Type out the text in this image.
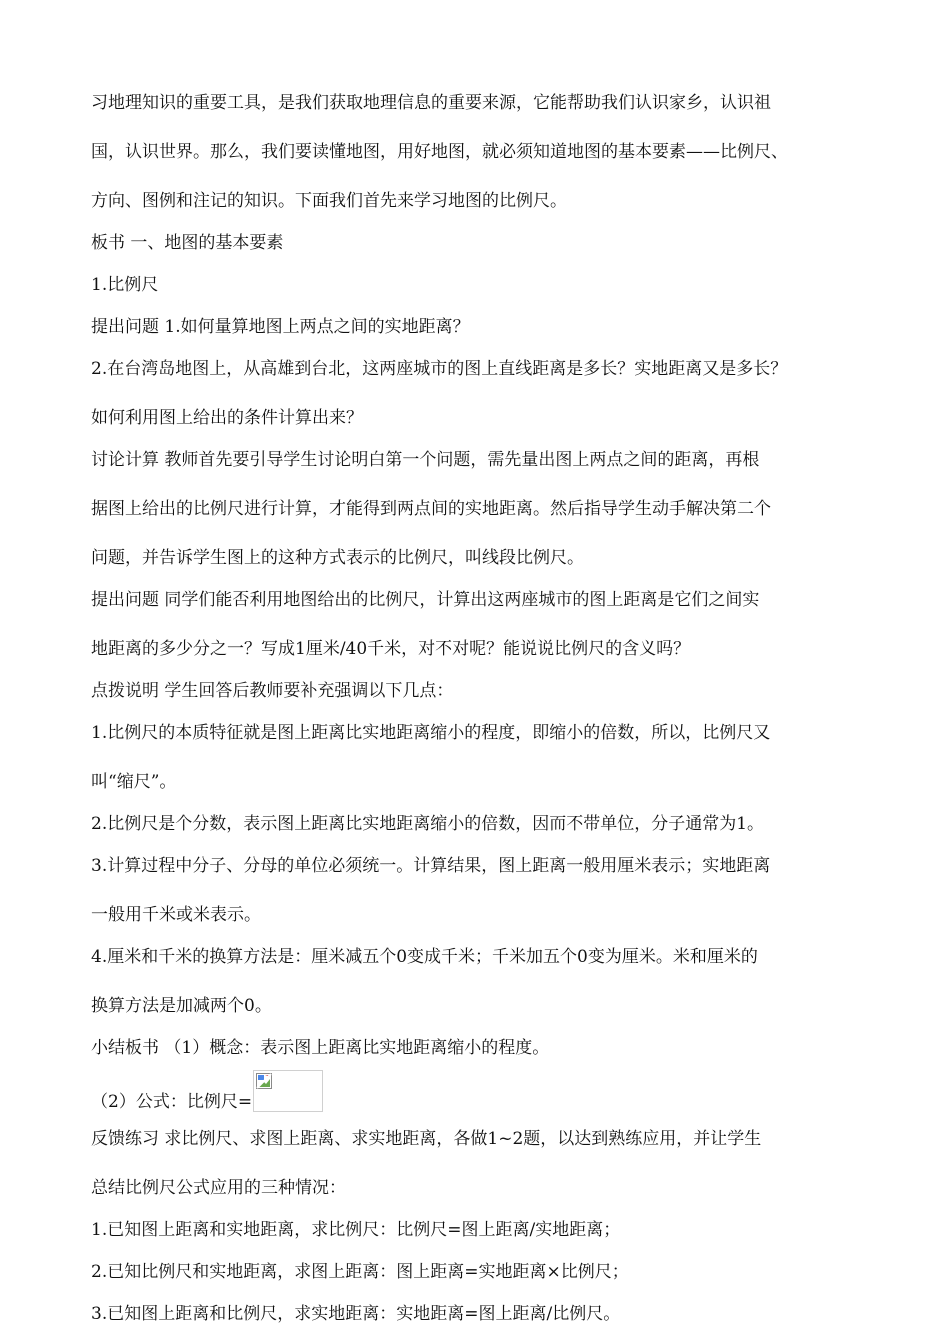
习地理知识的重要工具，是我们获取地理信息的重要来源，它能帮助我们认识家乡，认识祖

国，认识世界。那么，我们要读懂地图，用好地图，就必须知道地图的基本要素——比例尺、

方向、图例和注记的知识。下面我们首先来学习地图的比例尺。

板书 一、地图的基本要素

1.比例尺

提出问题 1.如何量算地图上两点之间的实地距离？

2.在台湾岛地图上，从高雄到台北，这两座城市的图上直线距离是多长？实地距离又是多长？

如何利用图上给出的条件计算出来？

讨论计算 教师首先要引导学生讨论明白第一个问题，需先量出图上两点之间的距离，再根

据图上给出的比例尺进行计算，才能得到两点间的实地距离。然后指导学生动手解决第二个

问题，并告诉学生图上的这种方式表示的比例尺，叫线段比例尺。

提出问题 同学们能否利用地图给出的比例尺，计算出这两座城市的图上距离是它们之间实

地距离的多少分之一？写成1厘米/40千米，对不对呢？能说说比例尺的含义吗？

点拨说明 学生回答后教师要补充强调以下几点：

1.比例尺的本质特征就是图上距离比实地距离缩小的程度，即缩小的倍数，所以，比例尺又

叫“缩尺”。

2.比例尺是个分数，表示图上距离比实地距离缩小的倍数，因而不带单位，分子通常为1。

3.计算过程中分子、分母的单位必须统一。计算结果，图上距离一般用厘米表示；实地距离

一般用千米或米表示。

4.厘米和千米的换算方法是：厘米减五个0变成千米；千米加五个0变为厘米。米和厘米的

换算方法是加减两个0。

小结板书 （1）概念：表示图上距离比实地距离缩小的程度。

（2）公式：比例尺=

反馈练习 求比例尺、求图上距离、求实地距离，各做1~2题，以达到熟练应用，并让学生

总结比例尺公式应用的三种情况：

1.已知图上距离和实地距离，求比例尺：比例尺=图上距离/实地距离；

2.已知比例尺和实地距离，求图上距离：图上距离=实地距离×比例尺；

3.已知图上距离和比例尺，求实地距离：实地距离=图上距离/比例尺。
